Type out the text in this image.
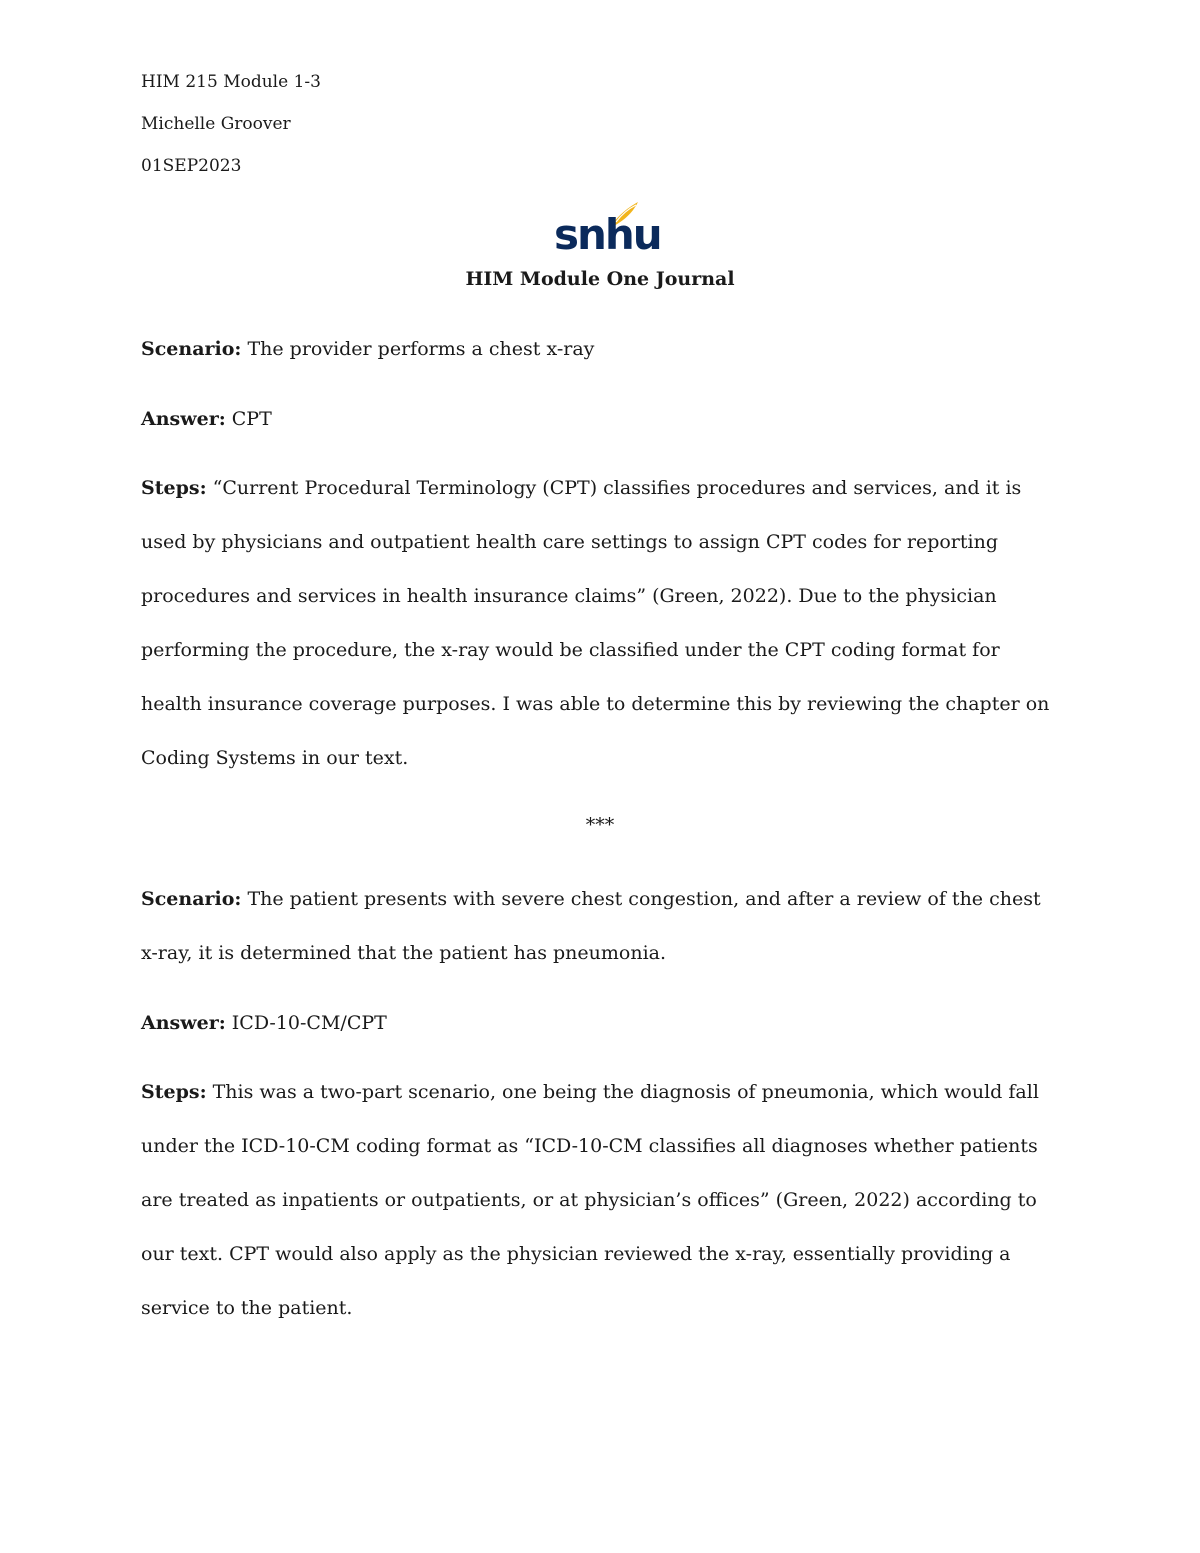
HIM 215 Module 1-3
Michelle Groover
01SEP2023
snhu
HIM Module One Journal

Scenario: The provider performs a chest x-ray

Answer: CPT

Steps: “Current Procedural Terminology (CPT) classifies procedures and services, and it is used by physicians and outpatient health care settings to assign CPT codes for reporting procedures and services in health insurance claims” (Green, 2022). Due to the physician performing the procedure, the x-ray would be classified under the CPT coding format for health insurance coverage purposes. I was able to determine this by reviewing the chapter on Coding Systems in our text.

***

Scenario: The patient presents with severe chest congestion, and after a review of the chest x-ray, it is determined that the patient has pneumonia.

Answer: ICD-10-CM/CPT

Steps: This was a two-part scenario, one being the diagnosis of pneumonia, which would fall under the ICD-10-CM coding format as “ICD-10-CM classifies all diagnoses whether patients are treated as inpatients or outpatients, or at physician’s offices” (Green, 2022) according to our text. CPT would also apply as the physician reviewed the x-ray, essentially providing a service to the patient.
